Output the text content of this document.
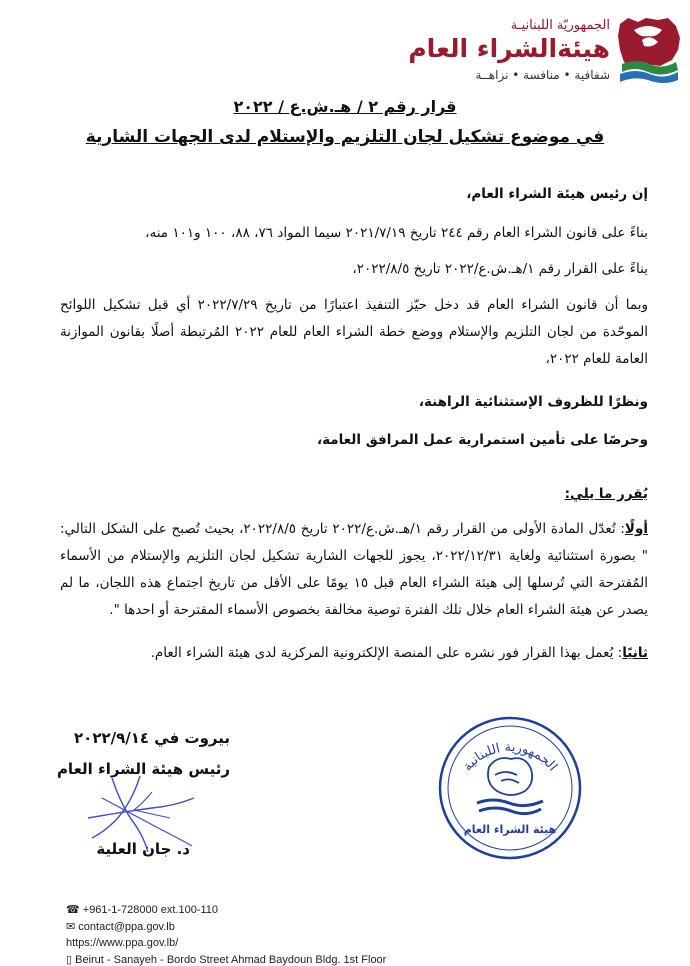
الجمهوريّة اللبنانيـة
هيئةالشراء العام
شفافية • منافسة • نزاهــة
قرار رقم ٢ / هـ.ش.ع / ٢٠٢٢
في موضوع تشكيل لجان التلزيم والإستلام لدى الجهات الشارية
إن رئيس هيئة الشراء العام،
بناءً على قانون الشراء العام رقم ٢٤٤ تاريخ ٢٠٢١/٧/١٩ سيما المواد ٧٦، ٨٨، ١٠٠ و١٠١ منه،
بناءً على القرار رقم ١/هـ.ش.ع/٢٠٢٢ تاريخ ٢٠٢٢/٨/٥،
وبما أن قانون الشراء العام قد دخل حيّز التنفيذ اعتبارًا من تاريخ ٢٠٢٢/٧/٢٩ أي قبل تشكيل اللوائح الموحّدة من لجان التلزيم والإستلام ووضع خطة الشراء العام للعام ٢٠٢٢ المُرتبطة أصلًا بقانون الموازنة العامة للعام ٢٠٢٢،
ونظرًا للظروف الإستثنائية الراهنة،
وحرصًا على تأمين استمرارية عمل المرافق العامة،
يُقرر ما يلي:
أولًا: تُعدّل المادة الأولى من القرار رقم ١/هـ.ش.ع/٢٠٢٢ تاريخ ٢٠٢٢/٨/٥، بحيث تُصبح على الشكل التالي: " بصورة استثنائية ولغاية ٢٠٢٢/١٢/٣١، يجوز للجهات الشارية تشكيل لجان التلزيم والإستلام من الأسماء المُقترحة التي تُرسلها إلى هيئة الشراء العام قبل ١٥ يومًا على الأقل من تاريخ اجتماع هذه اللجان، ما لم يصدر عن هيئة الشراء العام خلال تلك الفترة توصية مخالفة بخصوص الأسماء المقترحة أو احدها ".
ثانيًا: يُعمل بهذا القرار فور نشره على المنصة الإلكترونية المركزية لدى هيئة الشراء العام.
بيروت في ٢٠٢٢/٩/١٤
رئيس هيئة الشراء العام
د. جان العلية
الجمهورية اللبنانية
هيئة الشراء العام
☎ +961-1-728000 ext.100-110
✉ contact@ppa.gov.lb
https://www.ppa.gov.lb/
▯ Beirut - Sanayeh - Bordo Street Ahmad Baydoun Bldg. 1st Floor
